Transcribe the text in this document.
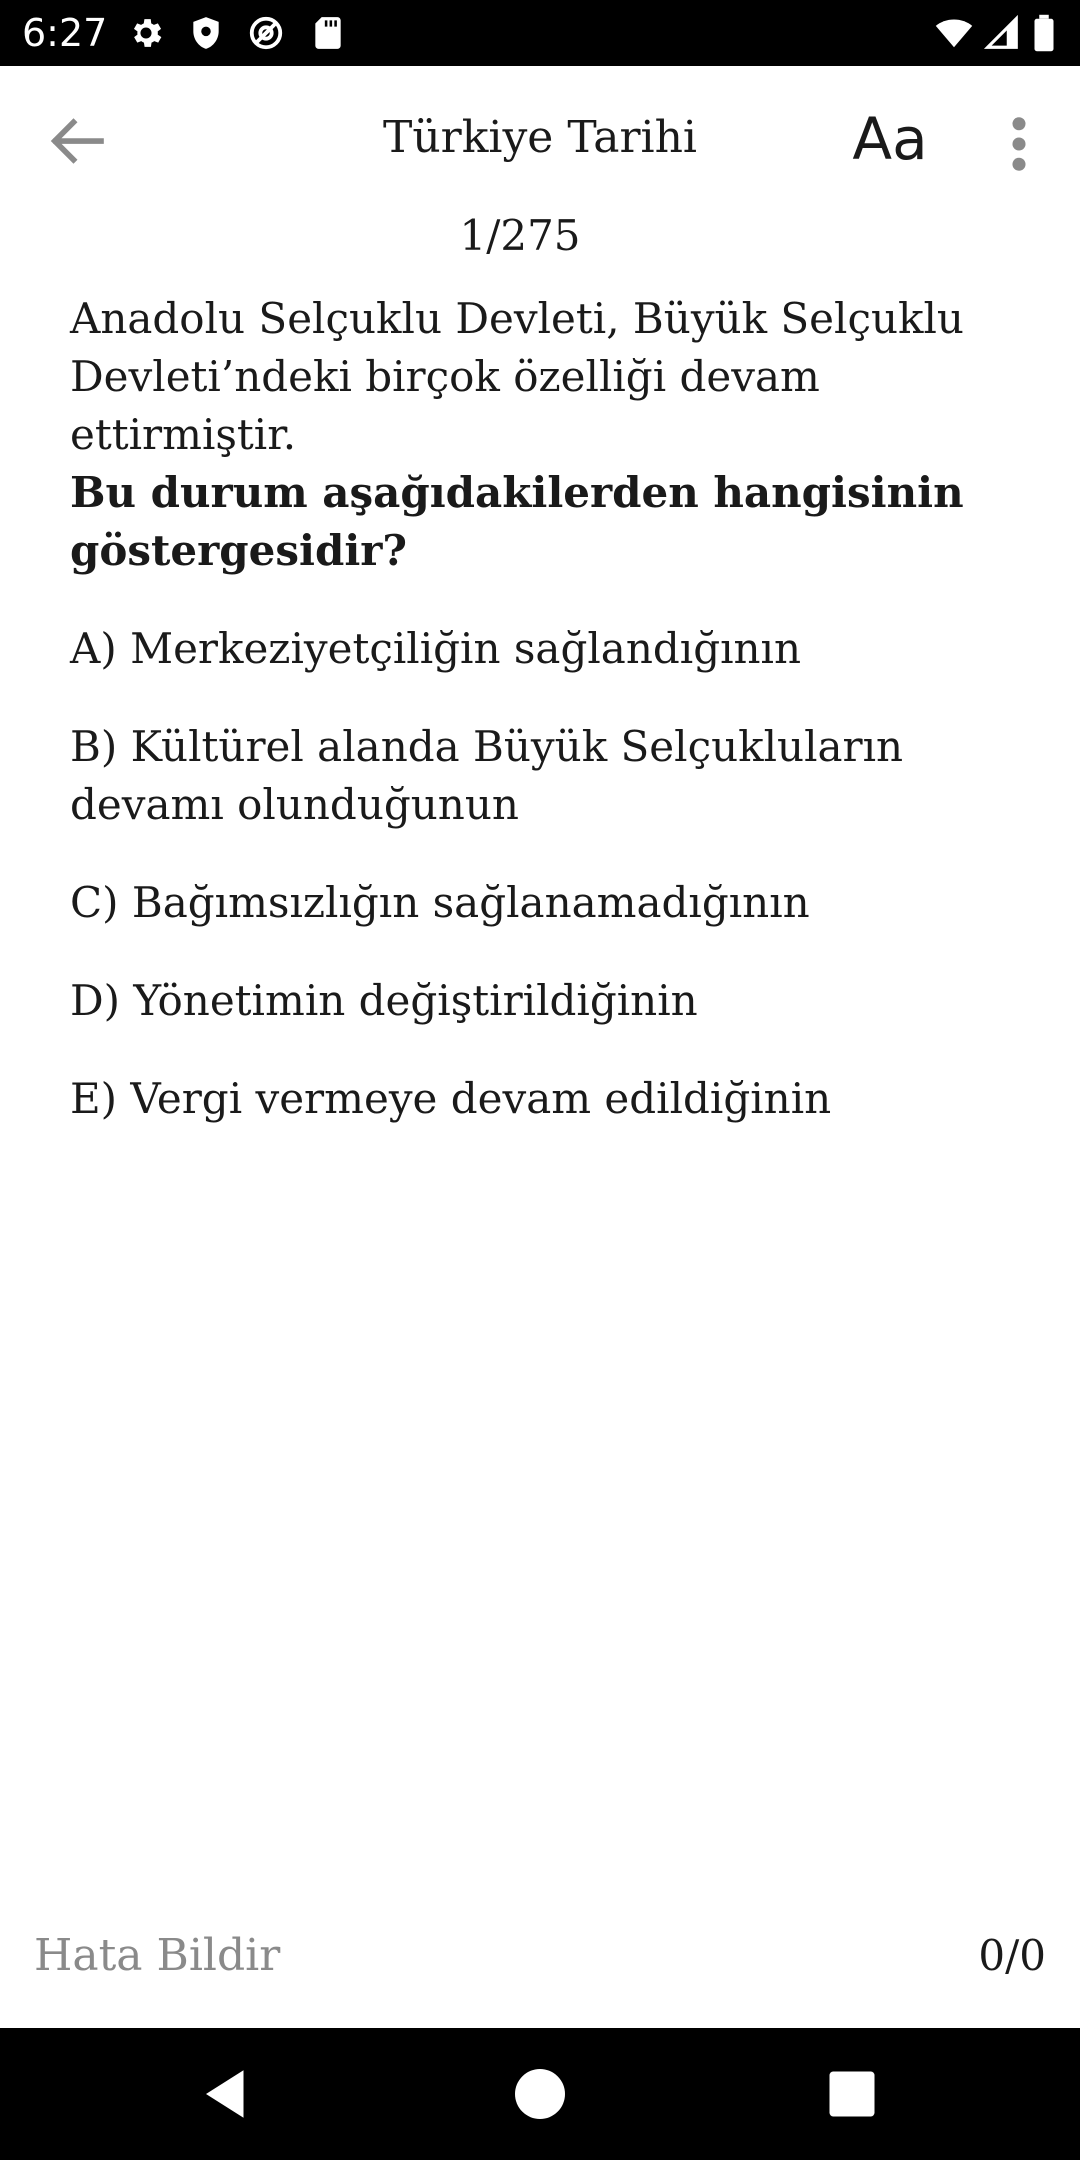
6:27
Türkiye Tarihi	Aa
1/275

Anadolu Selçuklu Devleti, Büyük Selçuklu Devleti’ndeki birçok özelliği devam ettirmiştir.

Bu durum aşağıdakilerden hangisinin göstergesidir?

A) Merkeziyetçiliğin sağlandığının
B) Kültürel alanda Büyük Selçukluların devamı olunduğunun
C) Bağımsızlığın sağlanamadığının
D) Yönetimin değiştirildiğinin
E) Vergi vermeye devam edildiğinin
Hata Bildir	0/0
